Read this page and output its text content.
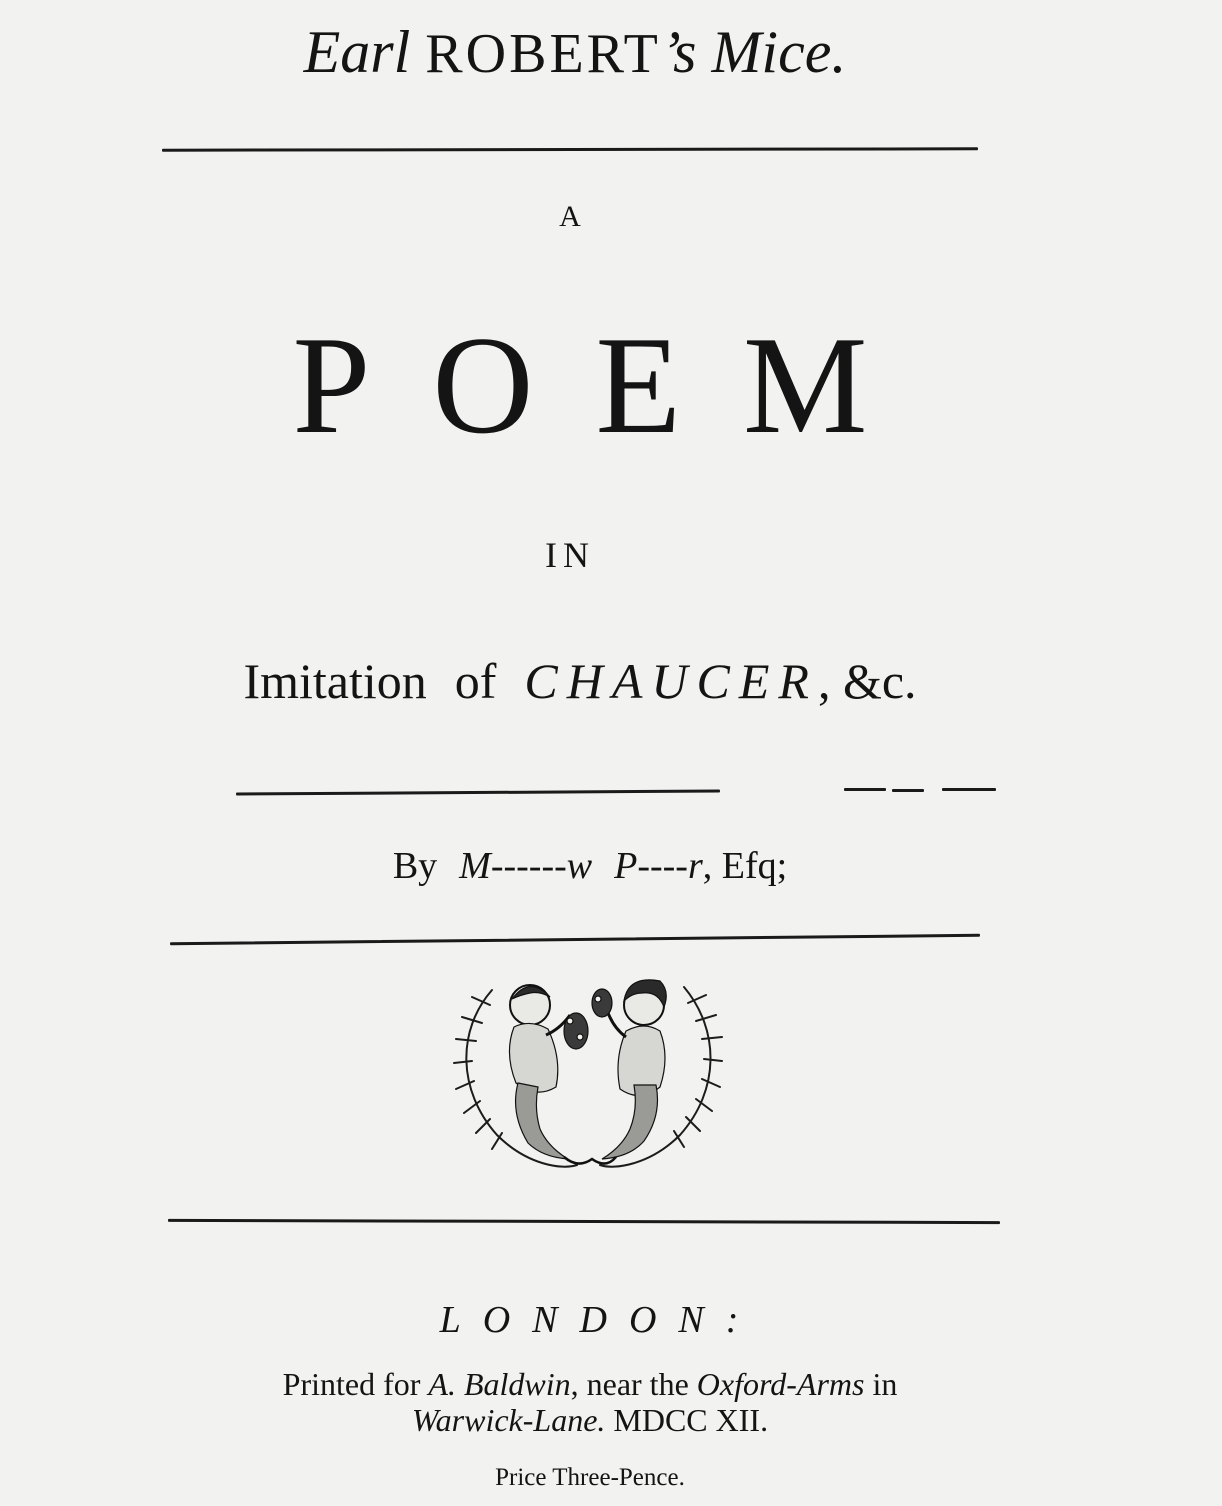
Earl ROBERT’s Mice.
A
POEM
IN
Imitation of CHAUCER, &c.
By M------w P----r, Efq;
LONDON:
Printed for A. Baldwin, near the Oxford-Arms in
Warwick-Lane. MDCC XII.
Price Three-Pence.
